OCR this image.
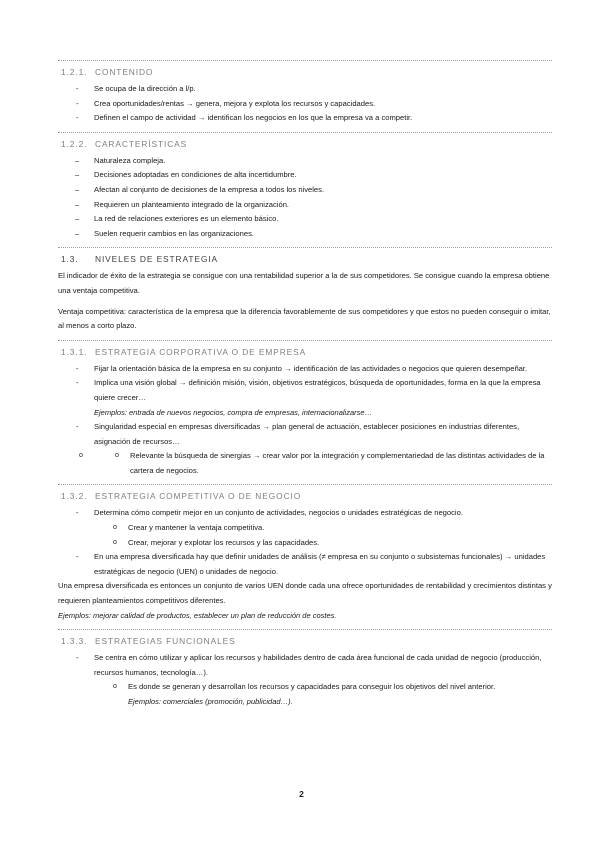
1.2.1. CONTENIDO
- Se ocupa de la dirección a l/p.
- Crea oportunidades/rentas → genera, mejora y explota los recursos y capacidades.
- Definen el campo de actividad → identifican los negocios en los que la empresa va a competir.
1.2.2. CARACTERÍSTICAS
– Naturaleza compleja.
– Decisiones adoptadas en condiciones de alta incertidumbre.
– Afectan al conjunto de decisiones de la empresa a todos los niveles.
– Requieren un planteamiento integrado de la organización.
– La red de relaciones exteriores es un elemento básico.
– Suelen requerir cambios en las organizaciones.
1.3. NIVELES DE ESTRATEGIA

El indicador de éxito de la estrategia se consigue con una rentabilidad superior a la de sus competidores. Se consigue cuando la empresa obtiene una ventaja competitiva.

Ventaja competitiva: característica de la empresa que la diferencia favorablemente de sus competidores y que estos no pueden conseguir o imitar, al menos a corto plazo.

1.3.1. ESTRATEGIA CORPORATIVA O DE EMPRESA
- Fijar la orientación básica de la empresa en su conjunto → identificación de las actividades o negocios que quieren desempeñar.
- Implica una visión global → definición misión, visión, objetivos estratégicos, búsqueda de oportunidades, forma en la que la empresa quiere crecer…
Ejemplos: entrada de nuevos negocios, compra de empresas, internacionalizarse…
- Singularidad especial en empresas diversificadas → plan general de actuación, establecer posiciones en industrias diferentes, asignación de recursos…
o o Relevante la búsqueda de sinergias → crear valor por la integración y complementariedad de las distintas actividades de la cartera de negocios.
1.3.2. ESTRATEGIA COMPETITIVA O DE NEGOCIO
- Determina cómo competir mejor en un conjunto de actividades, negocios o unidades estratégicas de negocio.
o Crear y mantener la ventaja competitiva.
o Crear, mejorar y explotar los recursos y las capacidades.
- En una empresa diversificada hay que definir unidades de análisis (≠ empresa en su conjunto o subsistemas funcionales) → unidades estratégicas de negocio (UEN) o unidades de negocio.

Una empresa diversificada es entonces un conjunto de varios UEN donde cada una ofrece oportunidades de rentabilidad y crecimientos distintas y requieren planteamientos competitivos diferentes.

Ejemplos: mejorar calidad de productos, establecer un plan de reducción de costes.
1.3.3. ESTRATEGIAS FUNCIONALES
- Se centra en cómo utilizar y aplicar los recursos y habilidades dentro de cada área funcional de cada unidad de negocio (producción, recursos humanos, tecnología…).
o Es donde se generan y desarrollan los recursos y capacidades para conseguir los objetivos del nivel anterior.
Ejemplos: comerciales (promoción, publicidad…).
2
